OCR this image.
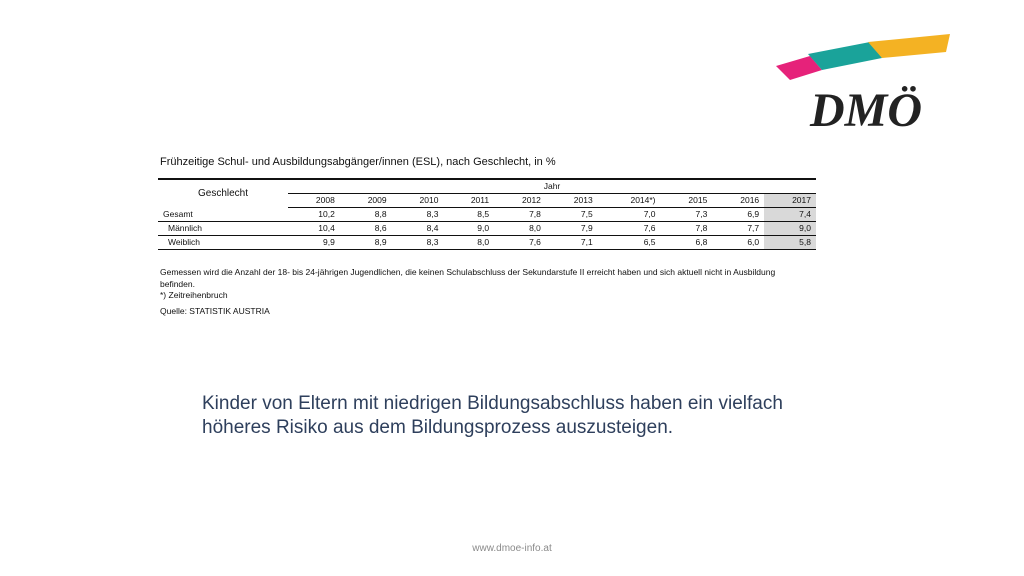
DMÖ
Frühzeitige Schul- und Ausbildungsabgänger/innen (ESL), nach Geschlecht, in %
Geschlecht	Jahr									
	2008	2009	2010	2011	2012	2013	2014*)	2015	2016	2017
Gesamt	10,2	8,8	8,3	8,5	7,8	7,5	7,0	7,3	6,9	7,4
Männlich	10,4	8,6	8,4	9,0	8,0	7,9	7,6	7,8	7,7	9,0
Weiblich	9,9	8,9	8,3	8,0	7,6	7,1	6,5	6,8	6,0	5,8
Gemessen wird die Anzahl der 18- bis 24-jährigen Jugendlichen, die keinen Schulabschluss der Sekundarstufe II erreicht haben und sich aktuell nicht in Ausbildung befinden.
*) Zeitreihenbruch
Quelle: STATISTIK AUSTRIA
Kinder von Eltern mit niedrigen Bildungsabschluss haben ein vielfach höheres Risiko aus dem Bildungsprozess auszusteigen.
www.dmoe-info.at
